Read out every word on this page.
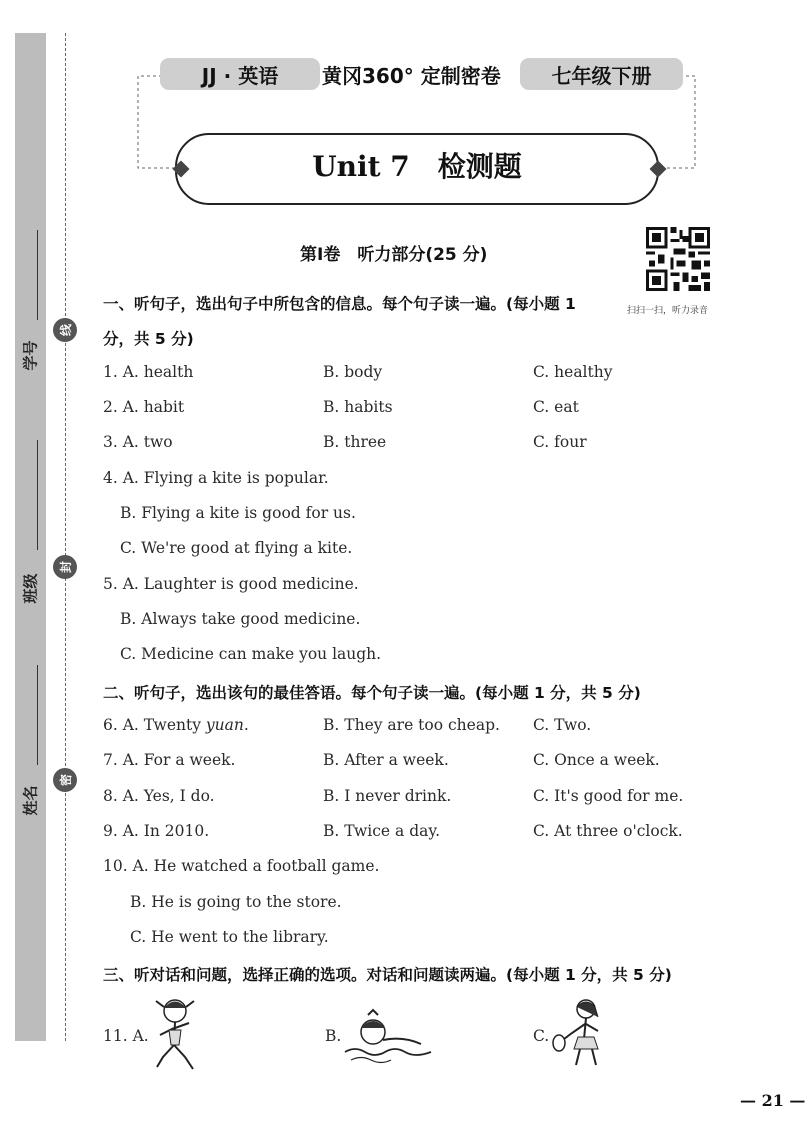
学号
班级
姓名
线
封
密
JJ · 英语	黄冈360° 定制密卷	七年级下册
Unit 7　检测题
扫扫一扫，听力录音
第Ⅰ卷　听力部分(25 分)
一、听句子，选出句子中所包含的信息。每个句子读一遍。(每小题 1
分，共 5 分)
1. A. health	B. body	C. healthy
2. A. habit	B. habits	C. eat
3. A. two	B. three	C. four
4. A. Flying a kite is popular.
B. Flying a kite is good for us.
C. We're good at flying a kite.
5. A. Laughter is good medicine.
B. Always take good medicine.
C. Medicine can make you laugh.
二、听句子，选出该句的最佳答语。每个句子读一遍。(每小题 1 分，共 5 分)
6. A. Twenty yuan.	B. They are too cheap. C. Two.
7. A. For a week.	B. After a week.	C. Once a week.
8. A. Yes, I do.	B. I never drink.	C. It's good for me.
9. A. In 2010.	B. Twice a day.	C. At three o'clock.
10. A. He watched a football game.
B. He is going to the store.
C. He went to the library.
三、听对话和问题，选择正确的选项。对话和问题读两遍。(每小题 1 分，共 5 分)
11. A.	B.	C.
— 21 —
